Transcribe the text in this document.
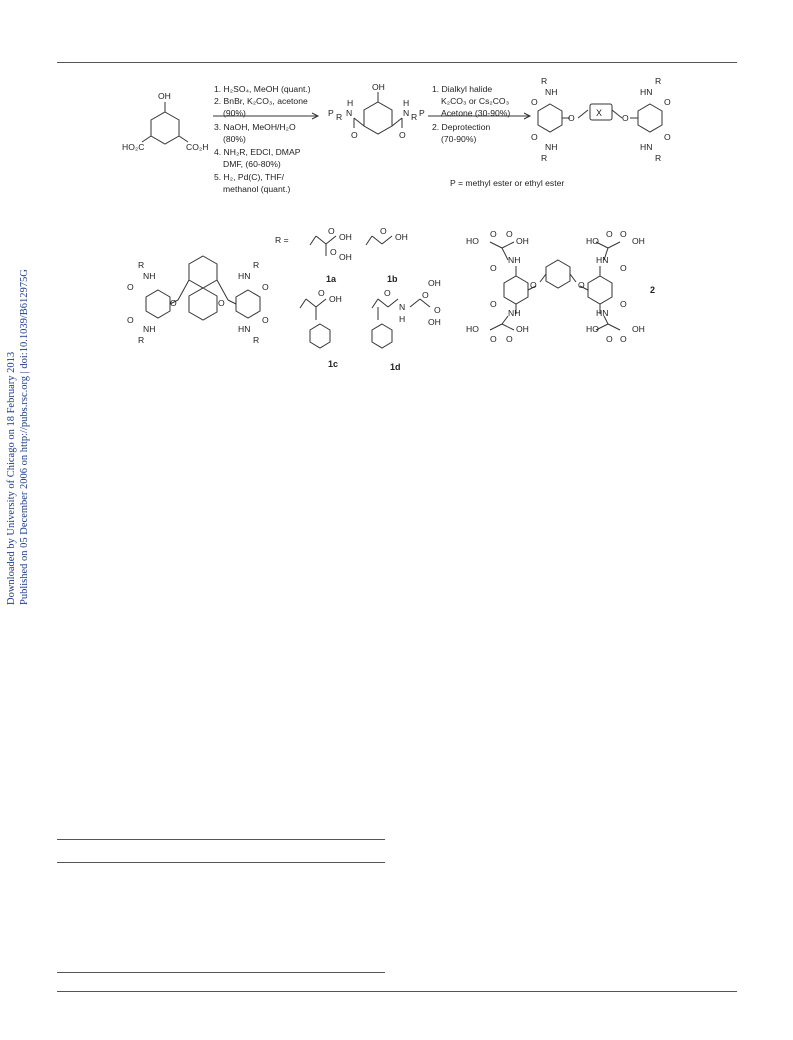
Downloaded by University of Chicago on 18 February 2013 Published on 05 December 2006 on http://pubs.rsc.org | doi:10.1039/B612975G
OH
HO₂C	CO₂H
1. H₂SO₄, MeOH (quant.)
2. BnBr, K₂CO₃, acetone
(90%)
3. NaOH, MeOH/H₂O
(80%)
4. NH₂R, EDCI, DMAP
DMF, (60-80%)
5. H₂, Pd(C), THF/
methanol (quant.)
OH
P R N
H
O
N
H
R P
O
1. Dialkyl halide
K₂CO₃ or Cs₂CO₃
Acetone (30-90%)
2. Deprotection
(70-90%)
R
NH
O
O X O
O
NH
R
R
HN
O
O
HN
R
P = methyl ester or ethyl ester
R
NH
O
O
O
NH
R
R
HN
O
O
O
HN
R
R =
O
OH
O OH
1a
O
OH
1b
O
OH
1c
O
N
H
OH
O
O
OH
1d
HO
O O
OH
NH
O
O	O
NH
O
HO
O O
OH
HO
O O
OH
HN
O
O
HN
HO
O O
OH
2
